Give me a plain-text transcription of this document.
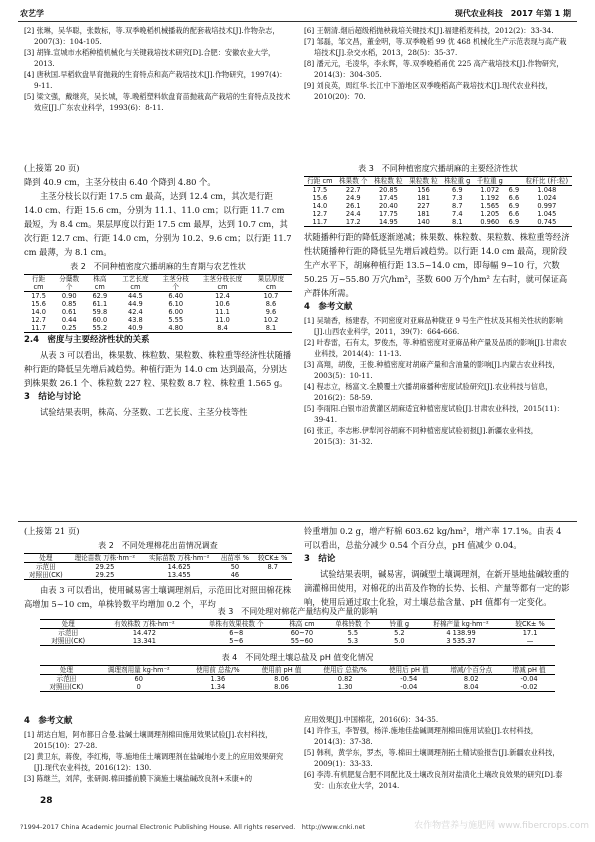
农艺学	现代农业科技　2017 年第 1 期

[2] 张琳，吴华聪，张数标，等.双季晚稻机械播栽的配套栽培技术[J].作物杂志，2007(3)：104-105.

[3] 胡锋.宣城市水稻种植机械化与关键栽培技术研究[D].合肥：安徽农业大学，2013.

[4] 唐秋国.早稻软盘旱育抛栽的生育特点和高产栽培技术[J].作物研究，1997(4)：9-11.

[5] 梁文强，戴继亮，吴长城，等.晚稻塑料软盘育苗抛栽高产栽培的生育特点及技术效应[J].广东农业科学，1993(6)：8-11.

[6] 王朝清.烟后超级稻抛秧栽培关键技术[J].福建稻麦科技，2012(2)：33-34.

[7] 邹磊，邹文昌，董金明，等.双季晚稻 99 优 468 机械化生产示范表现与高产栽培技术[J].杂交水稻，2013，28(5)：35-37.

[8] 潘元元，毛凌华，李永辉，等.双季晚稻甬优 225 高产栽培技术[J].作物研究，2014(3)：304-305.

[9] 刘良英，周红华.长江中下游地区双季晚稻高产栽培技术[J].现代农业科技，2010(20)：70.

(上接第 20 页)

降到 40.9 cm，主茎分枝由 6.40 个降到 4.80 个。

主茎分枝长以行距 17.5 cm 最高，达到 12.4 cm，其次是行距 14.0 cm、行距 15.6 cm，分别为 11.1、11.0 cm；以行距 11.7 cm 最短，为 8.4 cm。果层厚度以行距 17.5 cm 最厚，达到 10.7 cm，其次行距 12.7 cm、行距 14.0 cm，分别为 10.2、9.6 cm；以行距 11.7 cm 最薄，为 8.1 cm。

表 2　不同种植密度穴播胡麻的生育期与农艺性状
行距 cm	分蘖数 个	株高 cm	工艺长度 cm	主茎分枝 个	主茎分枝长度 cm	果层厚度 cm
17.5	0.90	62.9	44.5	6.40	12.4	10.7
15.6	0.85	61.1	44.9	6.10	10.6	8.6
14.0	0.61	59.8	42.4	6.00	11.1	9.6
12.7	0.44	60.0	43.8	5.55	11.0	10.2
11.7	0.25	55.2	40.9	4.80	8.4	8.1
2.4　密度与主要经济性状的关系

从表 3 可以看出，株果数、株粒数、果粒数、株粒重等经济性状随播种行距的降低呈先增后减趋势。种植行距为 14.0 cm 达到最高，分别达到株果数 26.1 个、株粒数 227 粒、果粒数 8.7 粒、株粒重 1.565 g。

3　结论与讨论

试验结果表明，株高、分茎数、工艺长度、主茎分枝等性

表 3　不同种植密度穴播胡麻的主要经济性状
行距 cm	株果数 个	株粒数 粒	果粒数 粒	株粒重 g	千粒重 g		粒秆比 (秆:粒)
17.5	22.7	20.85	156	6.9	1.072	6.9	1.048
15.6	24.9	17.45	181	7.3	1.192	6.6	1.024
14.0	26.1	20.40	227	8.7	1.565	6.9	0.997
12.7	24.4	17.75	181	7.4	1.205	6.6	1.045
11.7	17.2	14.95	140	8.1	0.960	6.9	0.745

状随播种行距的降低逐渐递减；株果数、株粒数、果粒数、株粒重等经济性状随播种行距的降低呈先增后减趋势。以行距 14.0 cm 最高，现阶段生产水平下，胡麻种植行距 13.5~14.0 cm，即每幅 9~10 行，穴数 50.25 万~55.80 万穴/hm²，茎数 600 万个/hm² 左右时，就可保证高产群体所需。

4　参考文献

[1] 吴瑞香，杨建春，不同密度对亚麻品种陇亚 9 号生产性状及其相关性状的影响[J].山西农业科学，2011，39(7)：664-666.

[2] 叶春雷，石有太，罗俊杰，等.种植密度对亚麻品种产量及品质的影响[J].甘肃农业科技，2014(4)：11-13.

[3] 高翔，胡俊，王俊.种植密度对胡麻产量和含油量的影响[J].内蒙古农业科技，2003(5)：10-11.

[4] 程志立，杨富文.全膜覆土穴播胡麻播种密度试验研究[J].农业科技与信息，2016(2)：58-59.

[5] 李雨阳.白银市沿黄灌区胡麻适宜种植密度试验[J].甘肃农业科技，2015(11)：39-41.

[6] 张正，李志彬.伊犁河谷胡麻不同种植密度试验初报[J].新疆农业科技，2015(3)：31-32.

(上接第 21 页)
表 2　不同处理棉花出苗情况调查
处理	理论苗数 万株·hm⁻²	实际苗数 万株·hm⁻²	出苗率 %	较CK± %
示范田	29.25	14.625	50	8.7
对照田(CK)	29.25	13.455	46	

由表 3 可以看出，使用碱易害土壤调理剂后，示范田比对照田棉花株高增加 5~10 cm，单株铃数平均增加 0.2 个，平均

铃重增加 0.2 g，增产籽棉 603.62 kg/hm²，增产率 17.1%。由表 4 可以看出，总盐分减少 0.54 个百分点，pH 值减少 0.04。

3　结论

试验结果表明，碱易害，调碱型土壤调理剂，在新开垦地盐碱较重的滴灌棉田使用，对棉花的出苗及作物的长势、长相、产量等都有一定的影响，使用后通过取土化验，对土壤总盐含量、pH 值都有一定变化。

表 3　不同处理对棉花产量结构及产量的影响
处理	有效株数 万株·hm⁻²	单株有效果枝数 个	株高 cm	单株铃数 个	铃重 g	籽棉产量 kg·hm⁻²	较CK± %
示范田	14.472	6~8	60~70	5.5	5.2	4 138.99	17.1
对照田(CK)	13.341	5~6	55~60	5.3	5.0	3 535.37	—
表 4　不同处理土壤总盐及 pH 值变化情况
处理	调理剂用量 kg·hm⁻²	使用前 总盐/%	使用前 pH 值	使用后 总盐/%	使用后 pH 值	增减/个百分点	增减 pH 值
示范田	60	1.36	8.06	0.82	-0.54	8.02	-0.04
对照田(CK)	0	1.34	8.06	1.30	-0.04	8.04	-0.02
4　参考文献

[1] 胡达白旭，阿布都日合曼.盐碱土壤调理剂棉田施用效果试验[J].农村科技，2015(10)：27-28.

[2] 黄卫东，蒋俊，李红梅，等.施地佳土壤调理剂在盐碱地小麦上的应用效果研究[J].现代农业科技，2016(12)：130.

[3] 陈继兰，刘萍，张研阁.棉田播前膜下滴施土壤盐碱改良剂+禾康+的

应用效果[J].中国棉花，2016(6)：34-35.

[4] 许作玉，李智强，杨洋.施地佳盐碱调理剂棉田施用试验[J].农村科技，2014(3)：37-38.

[5] 韩利，黄学东，罗杰，等.棉田土壤调理剂拓土精试验报告[J].新疆农业科技，2009(1)：33-33.

[6] 李涛.有机肥复合肥不同配比及土壤改良剂对盐渍化土壤改良效果的研究[D].泰安：山东农业大学，2014.

28
?1994-2017 China Academic Journal Electronic Publishing House. All rights reserved.　http://www.cnki.net	农作物营养与施肥网 www.fibercrops.com
